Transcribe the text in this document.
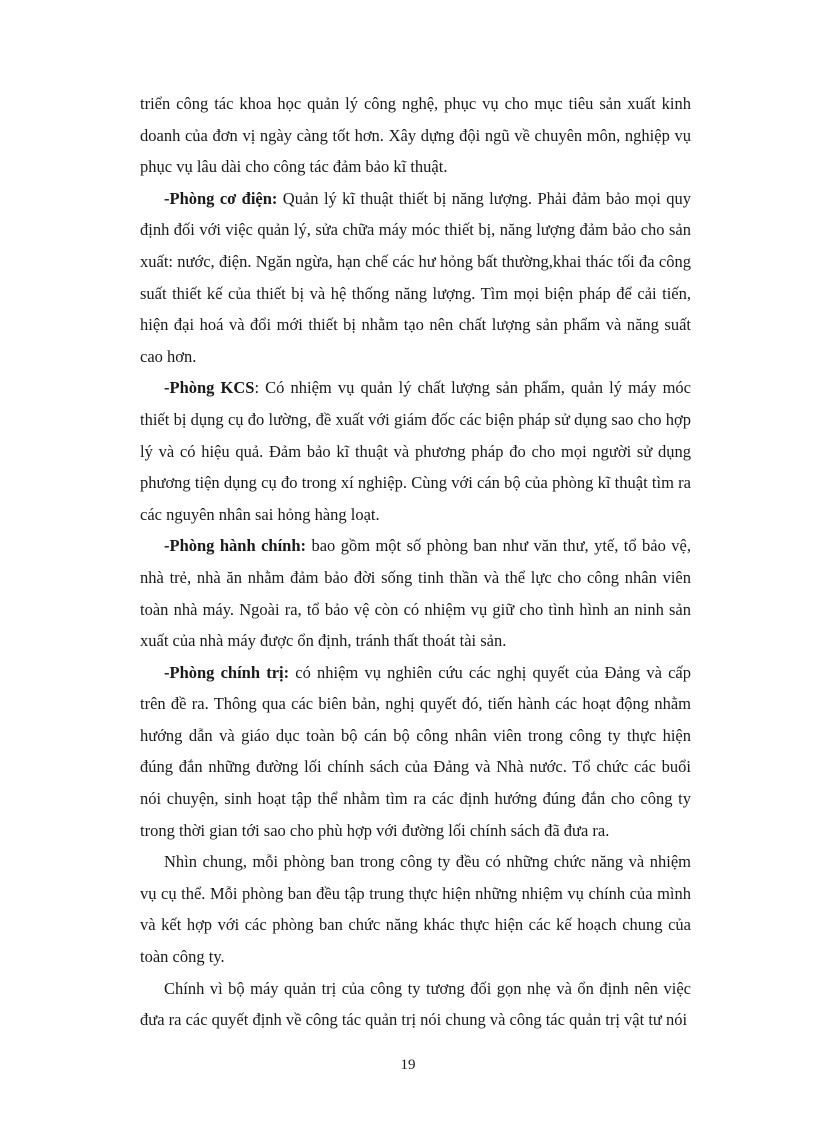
triển công tác khoa học quản lý công nghệ, phục vụ cho mục tiêu sản xuất kinh doanh của đơn vị ngày càng tốt hơn. Xây dựng đội ngũ về chuyên môn, nghiệp vụ phục vụ lâu dài cho công tác đảm bảo kĩ thuật.

-Phòng cơ điện: Quản lý kĩ thuật thiết bị năng lượng. Phải đảm bảo mọi quy định đối với việc quản lý, sửa chữa máy móc thiết bị, năng lượng đảm bảo cho sản xuất: nước, điện. Ngăn ngừa, hạn chế các hư hỏng bất thường,khai thác tối đa công suất thiết kế của thiết bị và hệ thống năng lượng. Tìm mọi biện pháp để cải tiến, hiện đại hoá và đổi mới thiết bị nhằm tạo nên chất lượng sản phẩm và năng suất cao hơn.

-Phòng KCS: Có nhiệm vụ quản lý chất lượng sản phẩm, quản lý máy móc thiết bị dụng cụ đo lường, đề xuất với giám đốc các biện pháp sử dụng sao cho hợp lý và có hiệu quả. Đảm bảo kĩ thuật và phương pháp đo cho mọi người sử dụng phương tiện dụng cụ đo trong xí nghiệp. Cùng với cán bộ của phòng kĩ thuật tìm ra các nguyên nhân sai hỏng hàng loạt.

-Phòng hành chính: bao gồm một số phòng ban như văn thư, ytế, tổ bảo vệ, nhà trẻ, nhà ăn nhằm đảm bảo đời sống tinh thần và thể lực cho công nhân viên toàn nhà máy. Ngoài ra, tổ bảo vệ còn có nhiệm vụ giữ cho tình hình an ninh sản xuất của nhà máy được ổn định, tránh thất thoát tài sản.

-Phòng chính trị: có nhiệm vụ nghiên cứu các nghị quyết của Đảng và cấp trên đề ra. Thông qua các biên bản, nghị quyết đó, tiến hành các hoạt động nhằm hướng dẫn và giáo dục toàn bộ cán bộ công nhân viên trong công ty thực hiện đúng đắn những đường lối chính sách của Đảng và Nhà nước. Tổ chức các buổi nói chuyện, sinh hoạt tập thể nhằm tìm ra các định hướng đúng đắn cho công ty trong thời gian tới sao cho phù hợp với đường lối chính sách đã đưa ra.

Nhìn chung, mỗi phòng ban trong công ty đều có những chức năng và nhiệm vụ cụ thể. Mỗi phòng ban đều tập trung thực hiện những nhiệm vụ chính của mình và kết hợp với các phòng ban chức năng khác thực hiện các kế hoạch chung của toàn công ty.

Chính vì bộ máy quản trị của công ty tương đối gọn nhẹ và ổn định nên việc đưa ra các quyết định về công tác quản trị nói chung và công tác quản trị vật tư nói

19
